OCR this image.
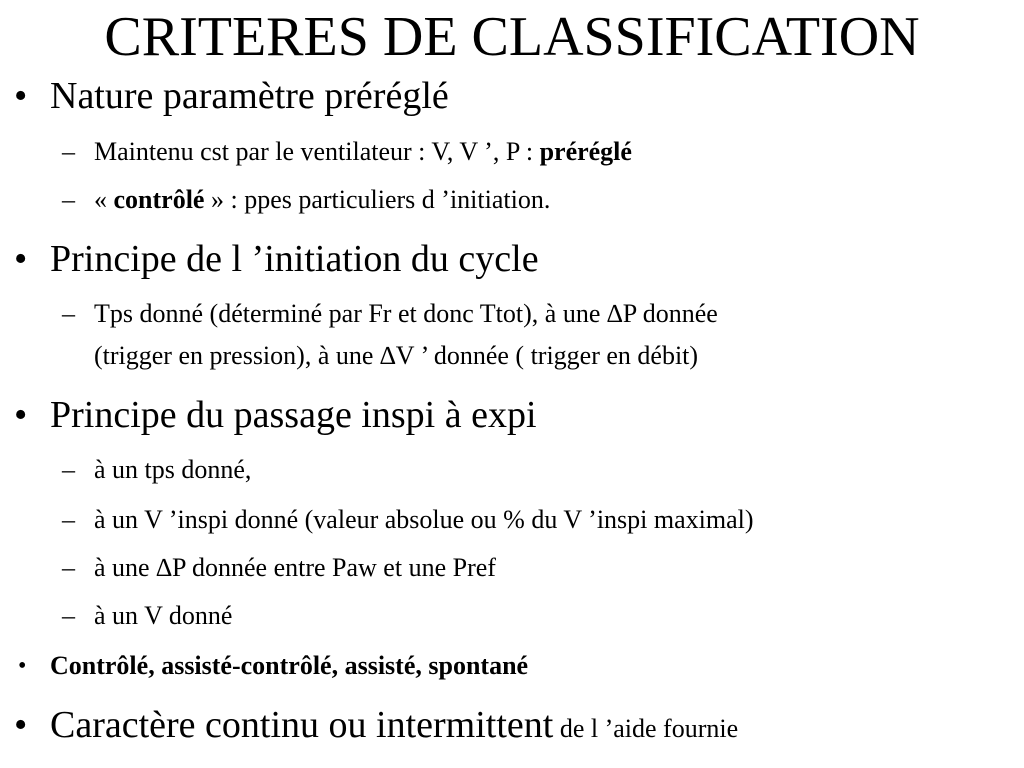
CRITERES DE CLASSIFICATION
• Nature paramètre préréglé
– Maintenu cst par le ventilateur : V, V ’, P : préréglé
– « contrôlé » : ppes particuliers d ’initiation.
• Principe de l ’initiation du cycle
– Tps donné (déterminé par Fr et donc Ttot), à une ∆P donnée
(trigger en pression), à une ∆V ’ donnée ( trigger en débit)
• Principe du passage inspi à expi
– à un tps donné,
– à un V ’inspi donné (valeur absolue ou % du V ’inspi maximal)
– à une ∆P donnée entre Paw et une Pref
– à un V donné
• Contrôlé, assisté-contrôlé, assisté, spontané
• Caractère continu ou intermittent de l ’aide fournie
